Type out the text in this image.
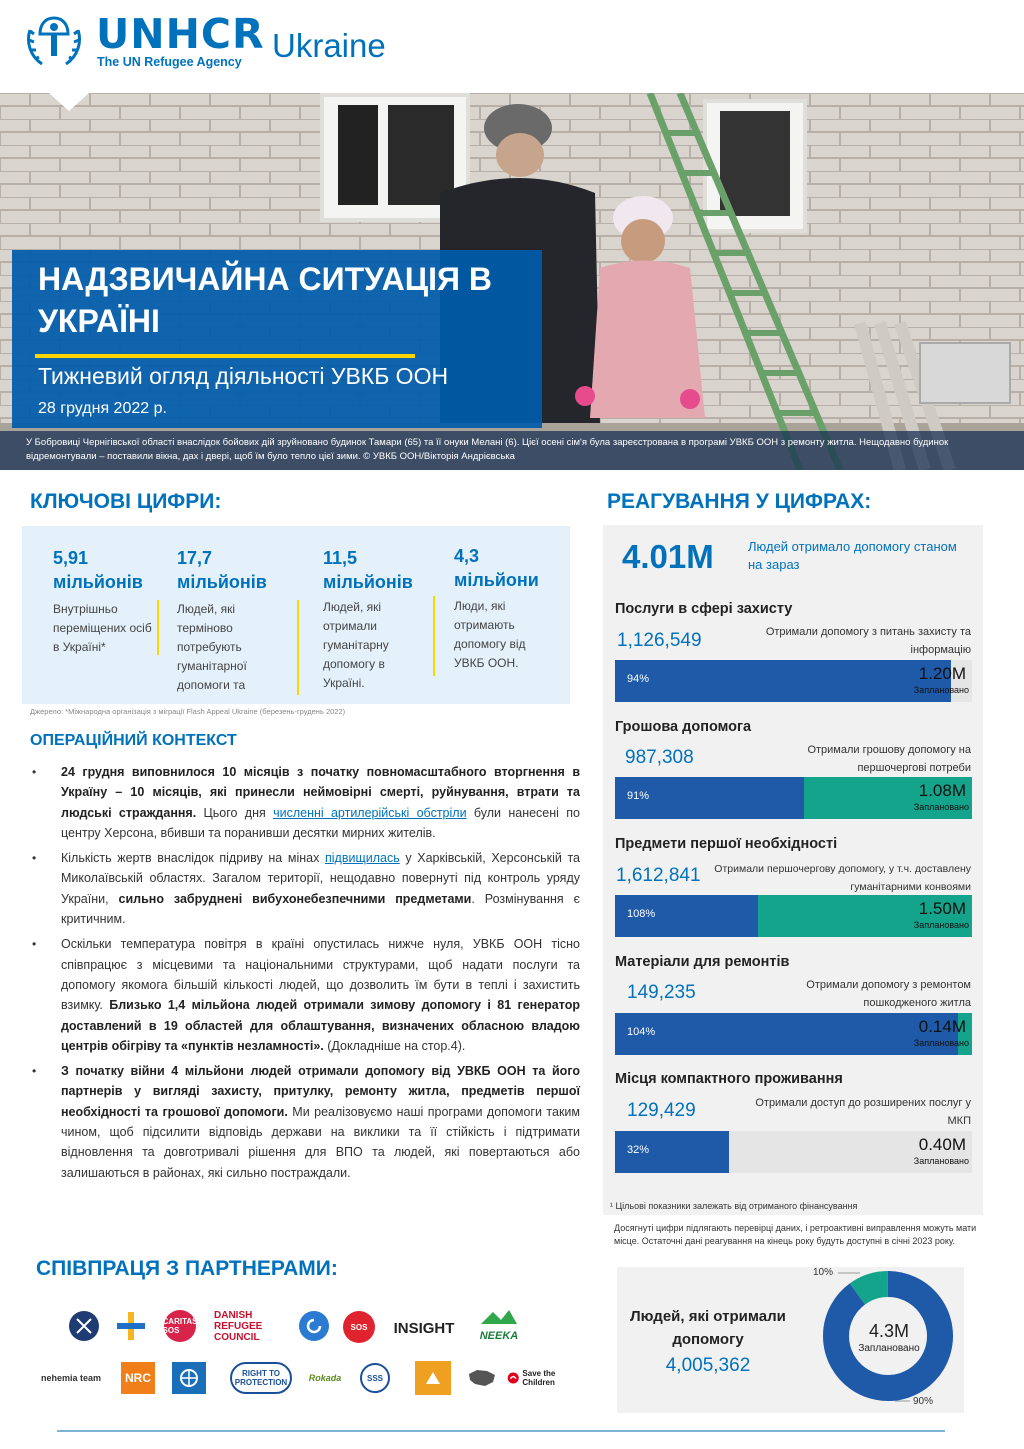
UNHCR
The UN Refugee Agency Ukraine
НАДЗВИЧАЙНА СИТУАЦІЯ В УКРАЇНІ
Тижневий огляд діяльності УВКБ ООН
28 грудня 2022 р.
У Бобровиці Чернігівської області внаслідок бойових дій зруйновано будинок Тамари (65) та її онуки Мелані (6). Цієї осені сім'я була зареєстрована в програмі УВКБ ООН з ремонту житла. Нещодавно будинок відремонтували – поставили вікна, дах і двері, щоб їм було тепло цієї зими. © УВКБ ООН/Вікторія Андрієвська
КЛЮЧОВІ ЦИФРИ:
5,91
мільйонів
Внутрішньо переміщених осіб в Україні*
17,7
мільйонів
Людей, які терміново потребують гуманітарної допомоги та
11,5
мільйонів
Людей, які отримали гуманітарну допомогу в Україні.
4,3
мільйони
Люди, які отримають допомогу від УВКБ ООН.
Джерело: *Міжнародна організація з міграції Flash Appeal Ukraine (березень-грудень 2022)
ОПЕРАЦІЙНИЙ КОНТЕКСТ
• 24 грудня виповнилося 10 місяців з початку повномасштабного вторгнення в Україну – 10 місяців, які принесли неймовірні смерті, руйнування, втрати та людські страждання. Цього дня численні артилерійські обстріли були нанесені по центру Херсона, вбивши та поранивши десятки мирних жителів.
• Кількість жертв внаслідок підриву на мінах підвищилась у Харківській, Херсонській та Миколаївській областях. Загалом території, нещодавно повернуті під контроль уряду України, сильно забруднені вибухонебезпечними предметами. Розмінування є критичним.
• Оскільки температура повітря в країні опустилась нижче нуля, УВКБ ООН тісно співпрацює з місцевими та національними структурами, щоб надати послуги та допомогу якомога більшій кількості людей, що дозволить їм бути в теплі і захистить взимку. Близько 1,4 мільйона людей отримали зимову допомогу і 81 генератор доставлений в 19 областей для облаштування, визначених обласною владою центрів обігріву та «пунктів незламності». (Докладніше на стор.4).
• З початку війни 4 мільйони людей отримали допомогу від УВКБ ООН та його партнерів у вигляді захисту, притулку, ремонту житла, предметів першої необхідності та грошової допомоги. Ми реалізовуємо наші програми допомоги таким чином, щоб підсилити відповідь держави на виклики та її стійкість і підтримати відновлення та довготривалі рішення для ВПО та людей, які повертаються або залишаються в районах, які сильно постраждали.
СПІВПРАЦЯ З ПАРТНЕРАМИ:
CARITAS SOS
DANISH REFUGEE COUNCIL
SOS	INSIGHT	NEEKA
nehemia team	NRC	RIGHT TO PROTECTION	Rokada	SSS	Save the Children
РЕАГУВАННЯ У ЦИФРАХ:
4.01M	Людей отримало допомогу станом на зараз
Послуги в сфері захисту
1,126,549	Отримали допомогу з питань захисту та інформацію
94%	1.20M
Заплановано
Грошова допомога
987,308	Отримали грошову допомогу на першочергові потреби
91%	1.08M
Заплановано
Предмети першої необхідності
1,612,841	Отримали першочергову допомогу, у т.ч. доставлену гуманітарними конвоями
108%	1.50M
Заплановано
Матеріали для ремонтів
149,235	Отримали допомогу з ремонтом пошкодженого житла
104%	0.14M
Заплановано
Місця компактного проживання
129,429	Отримали доступ до розширених послуг у МКП
32%	0.40M
Заплановано
¹ Цільові показники залежать від отриманого фінансування
Досягнуті цифри підлягають перевірці даних, і ретроактивні виправлення можуть мати місце. Остаточні дані реагування на кінець року будуть доступні в січні 2023 року.
Людей, які отримали допомогу
4,005,362
4.3M
Заплановано
10%
90%
